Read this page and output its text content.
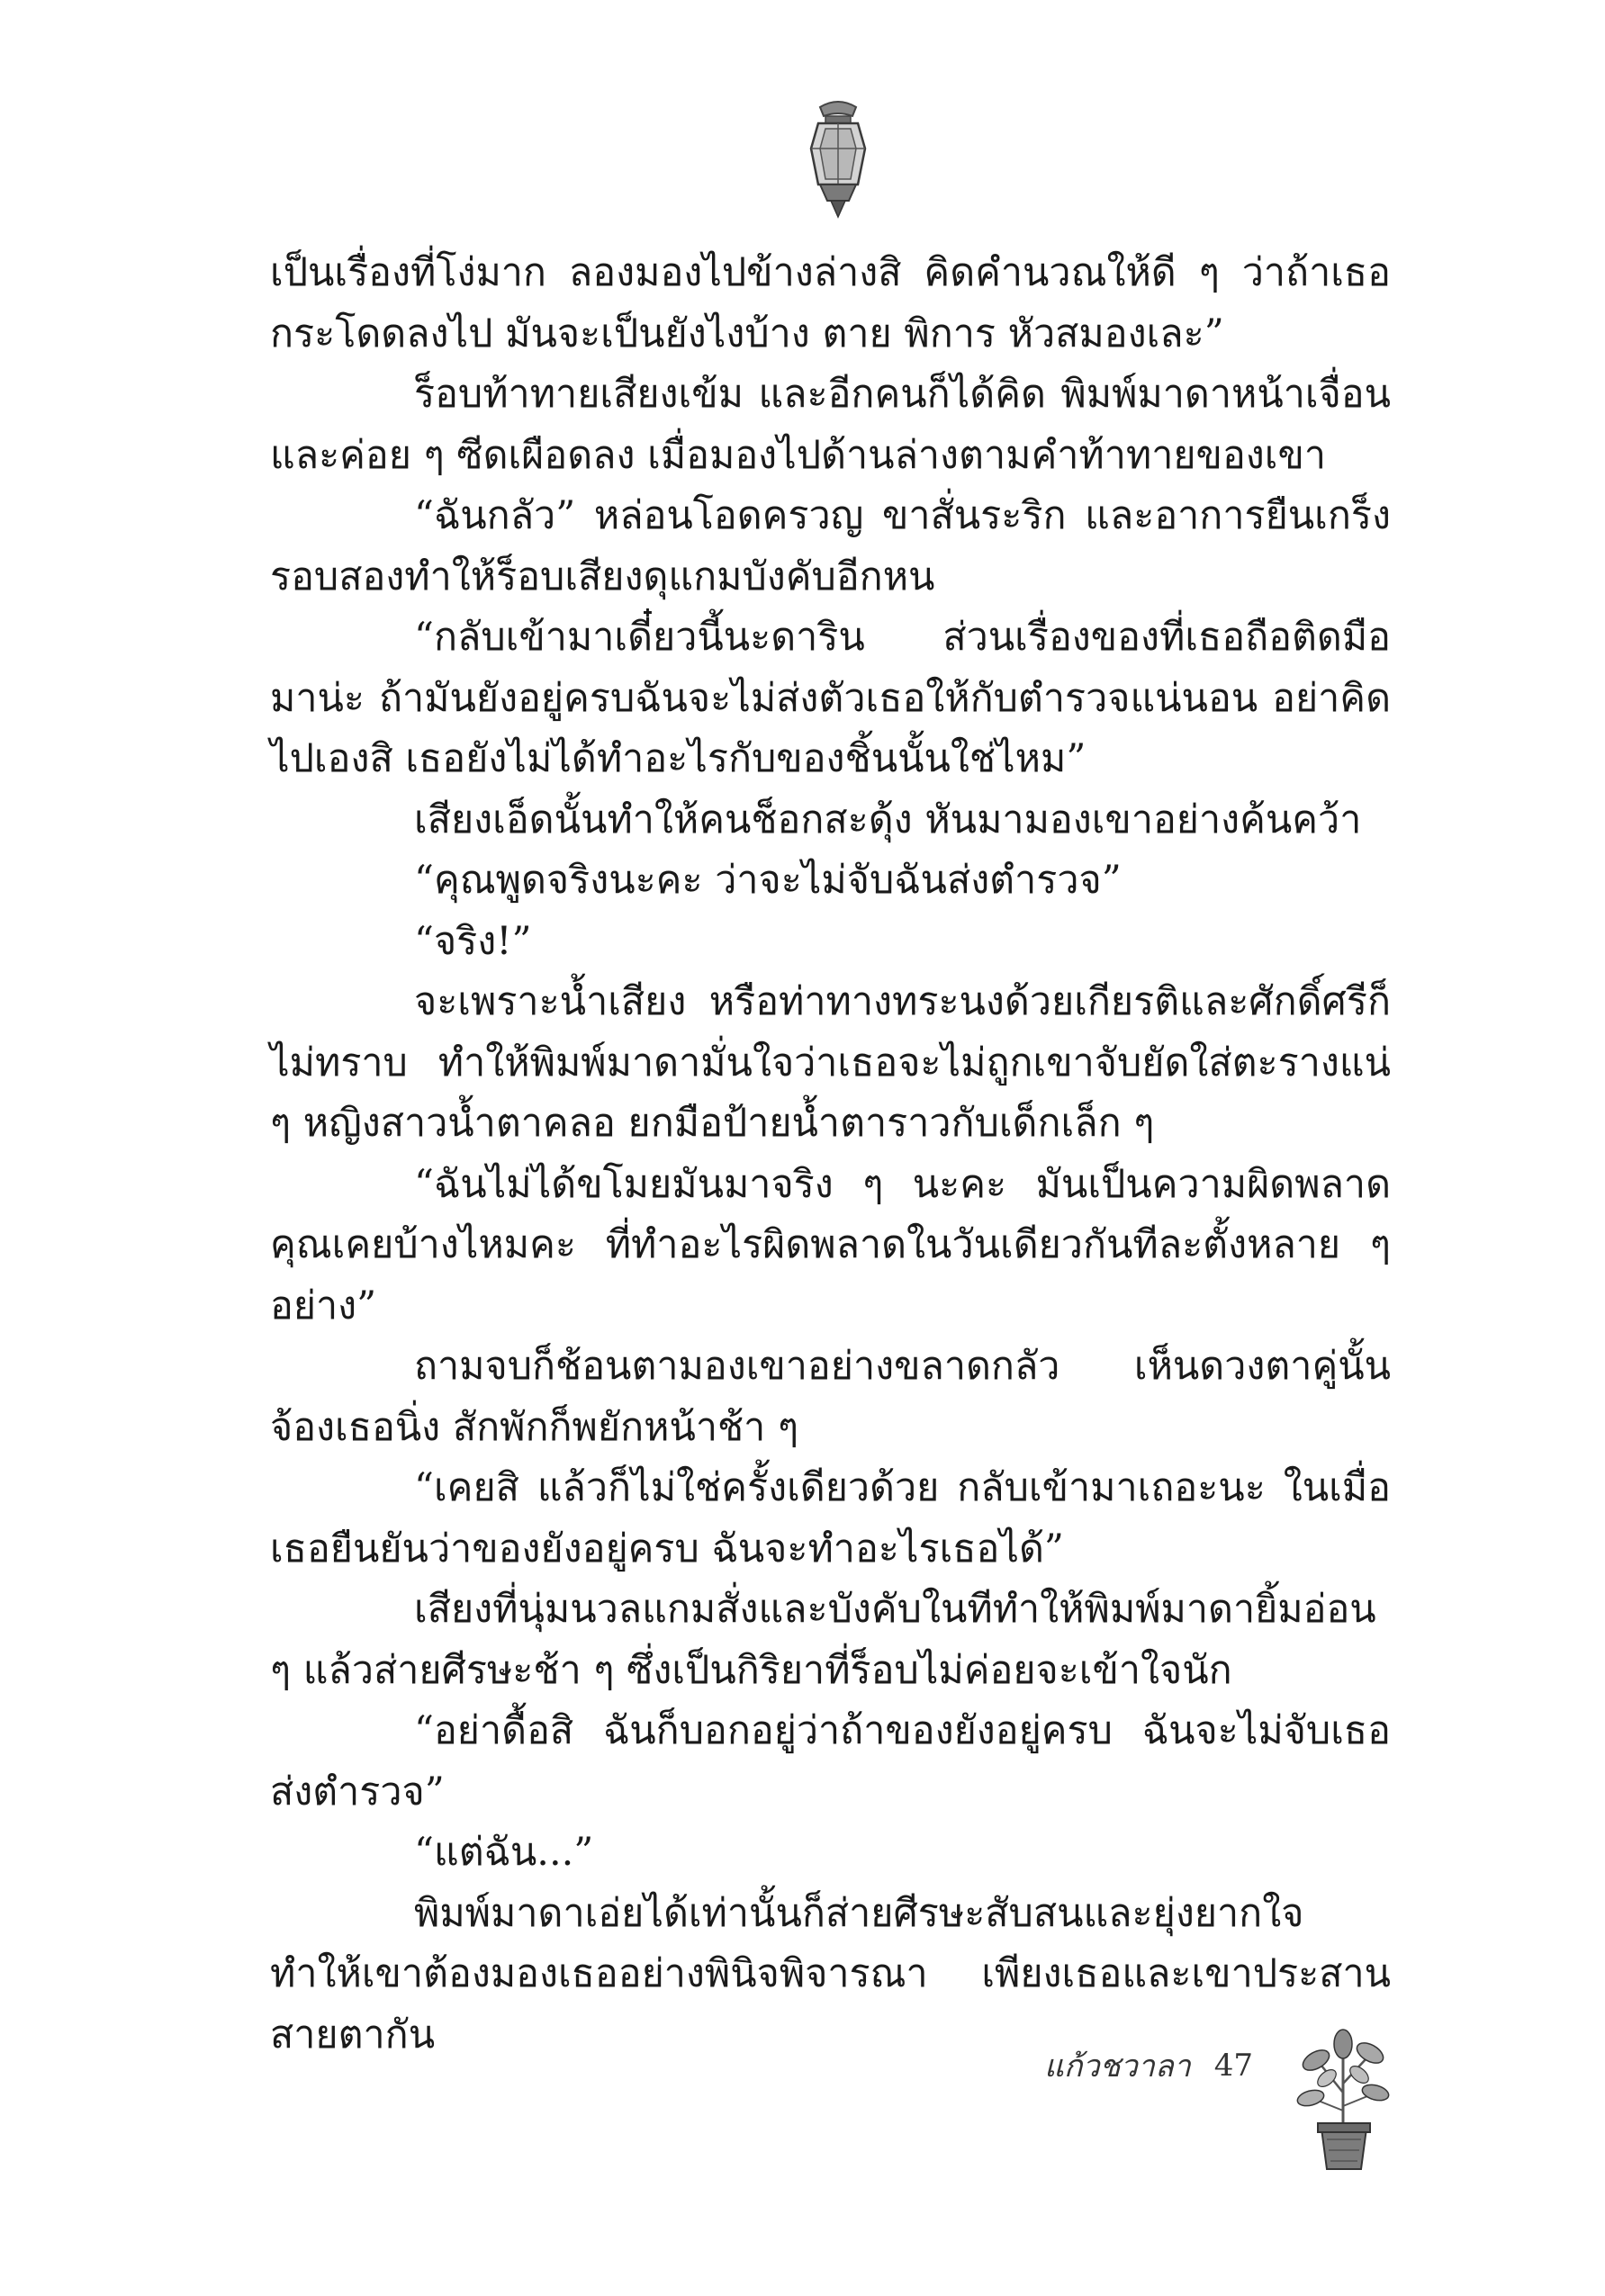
เป็นเรื่องที่โง่มาก ลองมองไปข้างล่างสิ คิดคำนวณให้ดี ๆ ว่าถ้าเธอกระโดดลงไป มันจะเป็นยังไงบ้าง ตาย พิการ หัวสมองเละ”

ร็อบท้าทายเสียงเข้ม และอีกคนก็ได้คิด พิมพ์มาดาหน้าเจื่อนและค่อย ๆ ซีดเผือดลง เมื่อมองไปด้านล่างตามคำท้าทายของเขา

“ฉันกลัว” หล่อนโอดครวญ ขาสั่นระริก และอาการยืนเกร็งรอบสองทำให้ร็อบเสียงดุแกมบังคับอีกหน

“กลับเข้ามาเดี๋ยวนี้นะดาริน ส่วนเรื่องของที่เธอถือติดมือมาน่ะ ถ้ามันยังอยู่ครบฉันจะไม่ส่งตัวเธอให้กับตำรวจแน่นอน อย่าคิดไปเองสิ เธอยังไม่ได้ทำอะไรกับของชิ้นนั้นใช่ไหม”

เสียงเอ็ดนั้นทำให้คนช็อกสะดุ้ง หันมามองเขาอย่างค้นคว้า

“คุณพูดจริงนะคะ ว่าจะไม่จับฉันส่งตำรวจ”

“จริง!”

จะเพราะน้ำเสียง หรือท่าทางทระนงด้วยเกียรติและศักดิ์ศรีก็ไม่ทราบ ทำให้พิมพ์มาดามั่นใจว่าเธอจะไม่ถูกเขาจับยัดใส่ตะรางแน่ ๆ หญิงสาวน้ำตาคลอ ยกมือป้ายน้ำตาราวกับเด็กเล็ก ๆ

“ฉันไม่ได้ขโมยมันมาจริง ๆ นะคะ มันเป็นความผิดพลาด คุณเคยบ้างไหมคะ ที่ทำอะไรผิดพลาดในวันเดียวกันทีละตั้งหลาย ๆ อย่าง”

ถามจบก็ช้อนตามองเขาอย่างขลาดกลัว เห็นดวงตาคู่นั้นจ้องเธอนิ่ง สักพักก็พยักหน้าช้า ๆ

“เคยสิ แล้วก็ไม่ใช่ครั้งเดียวด้วย กลับเข้ามาเถอะนะ ในเมื่อเธอยืนยันว่าของยังอยู่ครบ ฉันจะทำอะไรเธอได้”

เสียงที่นุ่มนวลแกมสั่งและบังคับในทีทำให้พิมพ์มาดายิ้มอ่อน ๆ แล้วส่ายศีรษะช้า ๆ ซึ่งเป็นกิริยาที่ร็อบไม่ค่อยจะเข้าใจนัก

“อย่าดื้อสิ ฉันก็บอกอยู่ว่าถ้าของยังอยู่ครบ ฉันจะไม่จับเธอส่งตำรวจ”

“แต่ฉัน...”

พิมพ์มาดาเอ่ยได้เท่านั้นก็ส่ายศีรษะสับสนและยุ่งยากใจ ทำให้เขาต้องมองเธออย่างพินิจพิจารณา เพียงเธอและเขาประสานสายตากัน

แก้วชวาลา 47
